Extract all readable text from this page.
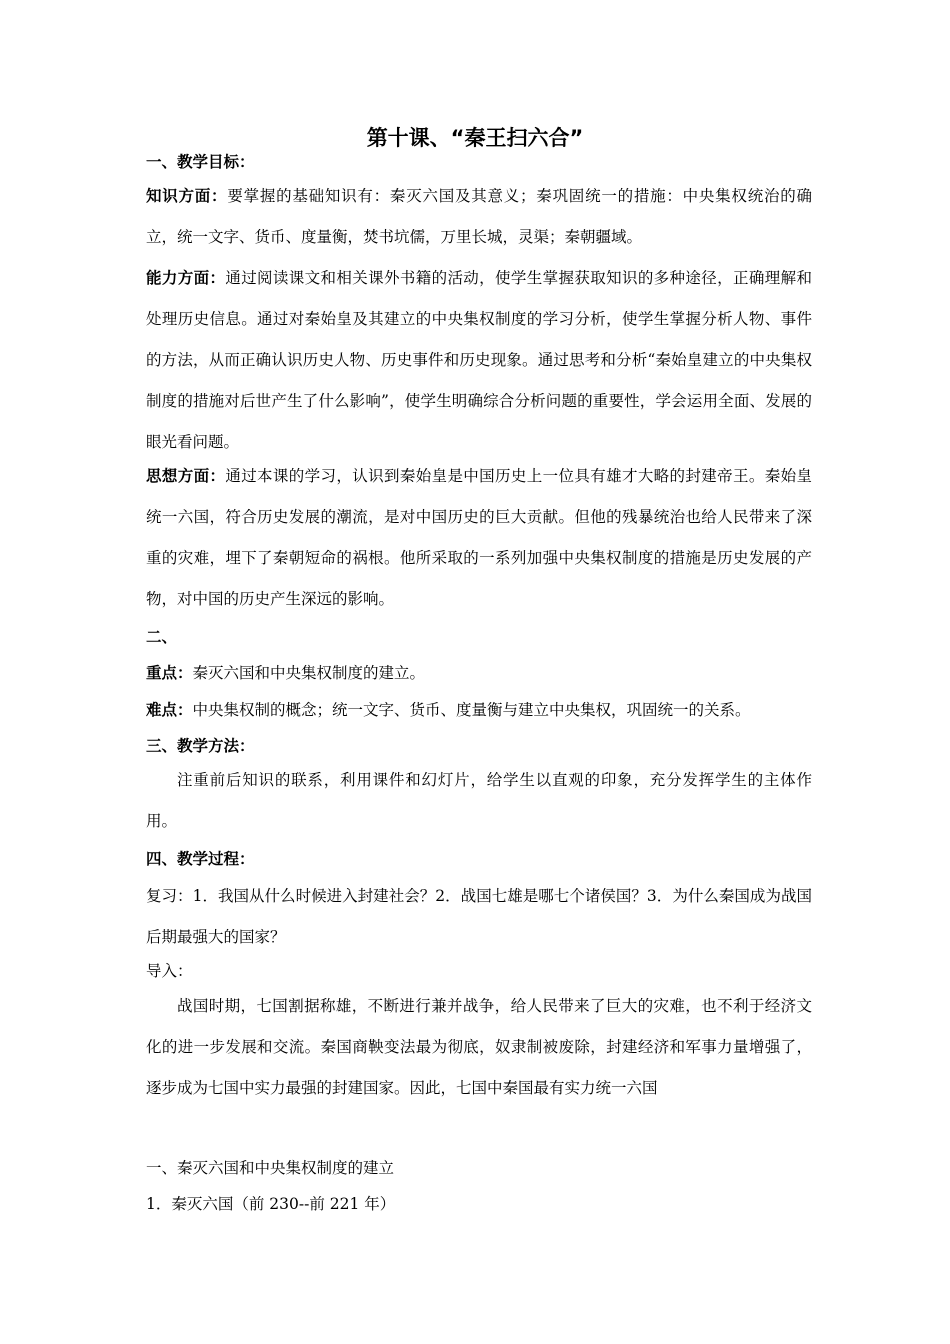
第十课、“秦王扫六合”
一、教学目标：
知识方面：要掌握的基础知识有：秦灭六国及其意义；秦巩固统一的措施：中央集权统治的确立，统一文字、货币、度量衡，焚书坑儒，万里长城，灵渠；秦朝疆域。
能力方面：通过阅读课文和相关课外书籍的活动，使学生掌握获取知识的多种途径，正确理解和处理历史信息。通过对秦始皇及其建立的中央集权制度的学习分析，使学生掌握分析人物、事件的方法，从而正确认识历史人物、历史事件和历史现象。通过思考和分析“秦始皇建立的中央集权制度的措施对后世产生了什么影响”，使学生明确综合分析问题的重要性，学会运用全面、发展的眼光看问题。
思想方面：通过本课的学习，认识到秦始皇是中国历史上一位具有雄才大略的封建帝王。秦始皇统一六国，符合历史发展的潮流，是对中国历史的巨大贡献。但他的残暴统治也给人民带来了深重的灾难，埋下了秦朝短命的祸根。他所采取的一系列加强中央集权制度的措施是历史发展的产物，对中国的历史产生深远的影响。
二、
重点：秦灭六国和中央集权制度的建立。
难点：中央集权制的概念；统一文字、货币、度量衡与建立中央集权，巩固统一的关系。
三、教学方法：
注重前后知识的联系，利用课件和幻灯片，给学生以直观的印象，充分发挥学生的主体作用。
四、教学过程：
复习：1．我国从什么时候进入封建社会？2．战国七雄是哪七个诸侯国？3．为什么秦国成为战国后期最强大的国家？
导入：
战国时期，七国割据称雄，不断进行兼并战争，给人民带来了巨大的灾难，也不利于经济文化的进一步发展和交流。秦国商鞅变法最为彻底，奴隶制被废除，封建经济和军事力量增强了，逐步成为七国中实力最强的封建国家。因此，七国中秦国最有实力统一六国
一、秦灭六国和中央集权制度的建立
1．秦灭六国（前 230--前 221 年）
